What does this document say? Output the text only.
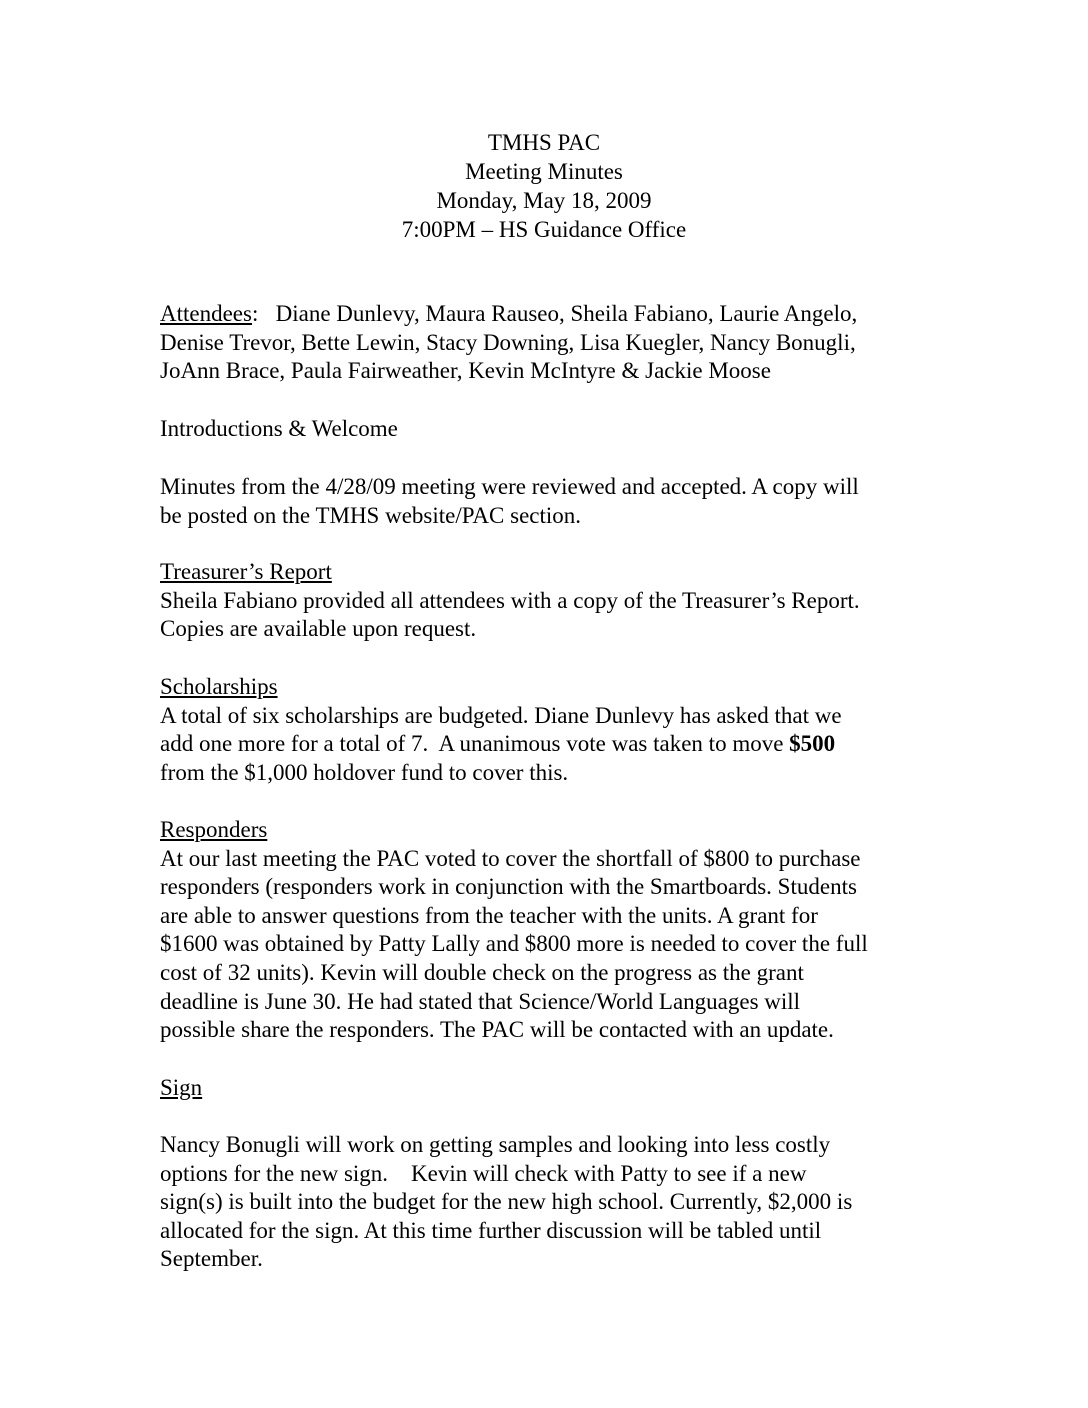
TMHS PAC
Meeting Minutes
Monday, May 18, 2009
7:00PM – HS Guidance Office
Attendees: Diane Dunlevy, Maura Rauseo, Sheila Fabiano, Laurie Angelo,
Denise Trevor, Bette Lewin, Stacy Downing, Lisa Kuegler, Nancy Bonugli,
JoAnn Brace, Paula Fairweather, Kevin McIntyre & Jackie Moose
Introductions & Welcome
Minutes from the 4/28/09 meeting were reviewed and accepted. A copy will
be posted on the TMHS website/PAC section.
Treasurer’s Report
Sheila Fabiano provided all attendees with a copy of the Treasurer’s Report.
Copies are available upon request.
Scholarships
A total of six scholarships are budgeted. Diane Dunlevy has asked that we
add one more for a total of 7.  A unanimous vote was taken to move $500
from the $1,000 holdover fund to cover this.
Responders
At our last meeting the PAC voted to cover the shortfall of $800 to purchase
responders (responders work in conjunction with the Smartboards. Students
are able to answer questions from the teacher with the units. A grant for
$1600 was obtained by Patty Lally and $800 more is needed to cover the full
cost of 32 units). Kevin will double check on the progress as the grant
deadline is June 30. He had stated that Science/World Languages will
possible share the responders. The PAC will be contacted with an update.
Sign
Nancy Bonugli will work on getting samples and looking into less costly
options for the new sign.    Kevin will check with Patty to see if a new
sign(s) is built into the budget for the new high school. Currently, $2,000 is
allocated for the sign. At this time further discussion will be tabled until
September.
